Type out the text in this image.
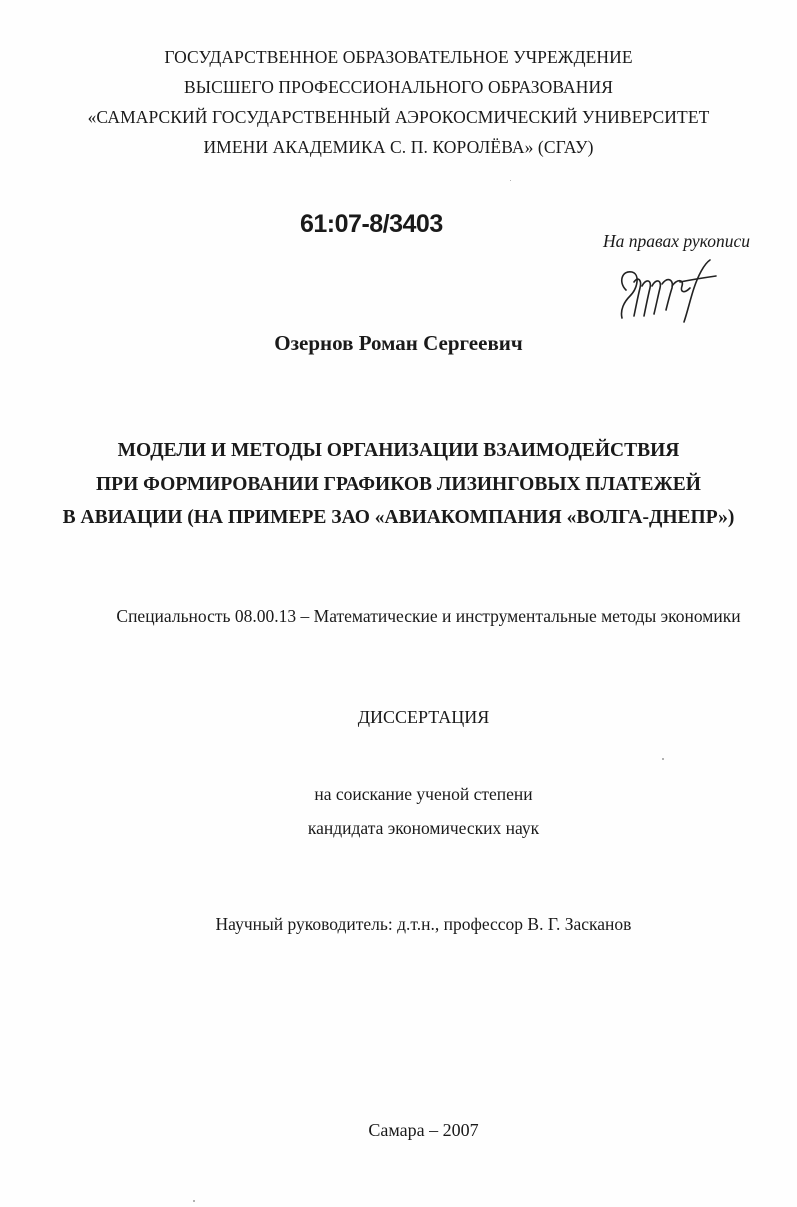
ГОСУДАРСТВЕННОЕ ОБРАЗОВАТЕЛЬНОЕ УЧРЕЖДЕНИЕ
ВЫСШЕГО ПРОФЕССИОНАЛЬНОГО ОБРАЗОВАНИЯ
«САМАРСКИЙ ГОСУДАРСТВЕННЫЙ АЭРОКОСМИЧЕСКИЙ УНИВЕРСИТЕТ
ИМЕНИ АКАДЕМИКА С. П. КОРОЛЁВА» (СГАУ)
61:07-8/3403
На правах рукописи
Озернов Роман Сергеевич
МОДЕЛИ И МЕТОДЫ ОРГАНИЗАЦИИ ВЗАИМОДЕЙСТВИЯ
ПРИ ФОРМИРОВАНИИ ГРАФИКОВ ЛИЗИНГОВЫХ ПЛАТЕЖЕЙ
В АВИАЦИИ (НА ПРИМЕРЕ ЗАО «АВИАКОМПАНИЯ «ВОЛГА-ДНЕПР»)
Специальность 08.00.13 – Математические и инструментальные методы экономики
ДИССЕРТАЦИЯ
на соискание ученой степени
кандидата экономических наук
Научный руководитель: д.т.н., профессор В. Г. Засканов
Самара – 2007
